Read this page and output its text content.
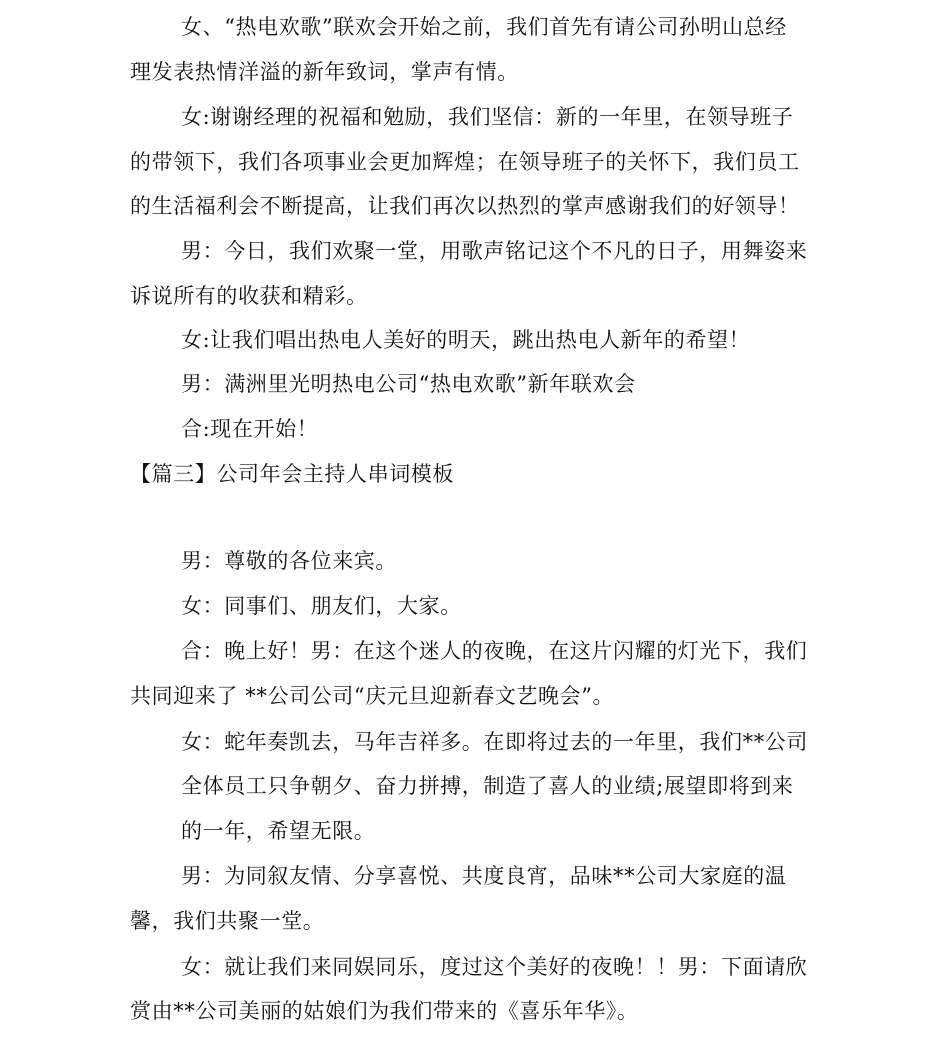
女、“热电欢歌”联欢会开始之前，我们首先有请公司孙明山总经
理发表热情洋溢的新年致词，掌声有情。
女:谢谢经理的祝福和勉励，我们坚信：新的一年里，在领导班子
的带领下，我们各项事业会更加辉煌；在领导班子的关怀下，我们员工
的生活福利会不断提高，让我们再次以热烈的掌声感谢我们的好领导！
男：今日，我们欢聚一堂，用歌声铭记这个不凡的日子，用舞姿来
诉说所有的收获和精彩。
女:让我们唱出热电人美好的明天，跳出热电人新年的希望！
男：满洲里光明热电公司“热电欢歌”新年联欢会
合:现在开始！
【篇三】公司年会主持人串词模板
男：尊敬的各位来宾。
女：同事们、朋友们，大家。
合：晚上好！男：在这个迷人的夜晚，在这片闪耀的灯光下，我们
共同迎来了 **公司公司“庆元旦迎新春文艺晚会”。
女：蛇年奏凯去，马年吉祥多。在即将过去的一年里，我们**公司
全体员工只争朝夕、奋力拼搏，制造了喜人的业绩;展望即将到来
的一年，希望无限。
男：为同叙友情、分享喜悦、共度良宵，品味**公司大家庭的温
馨，我们共聚一堂。
女：就让我们来同娱同乐，度过这个美好的夜晚！！男：下面请欣
赏由**公司美丽的姑娘们为我们带来的《喜乐年华》。
